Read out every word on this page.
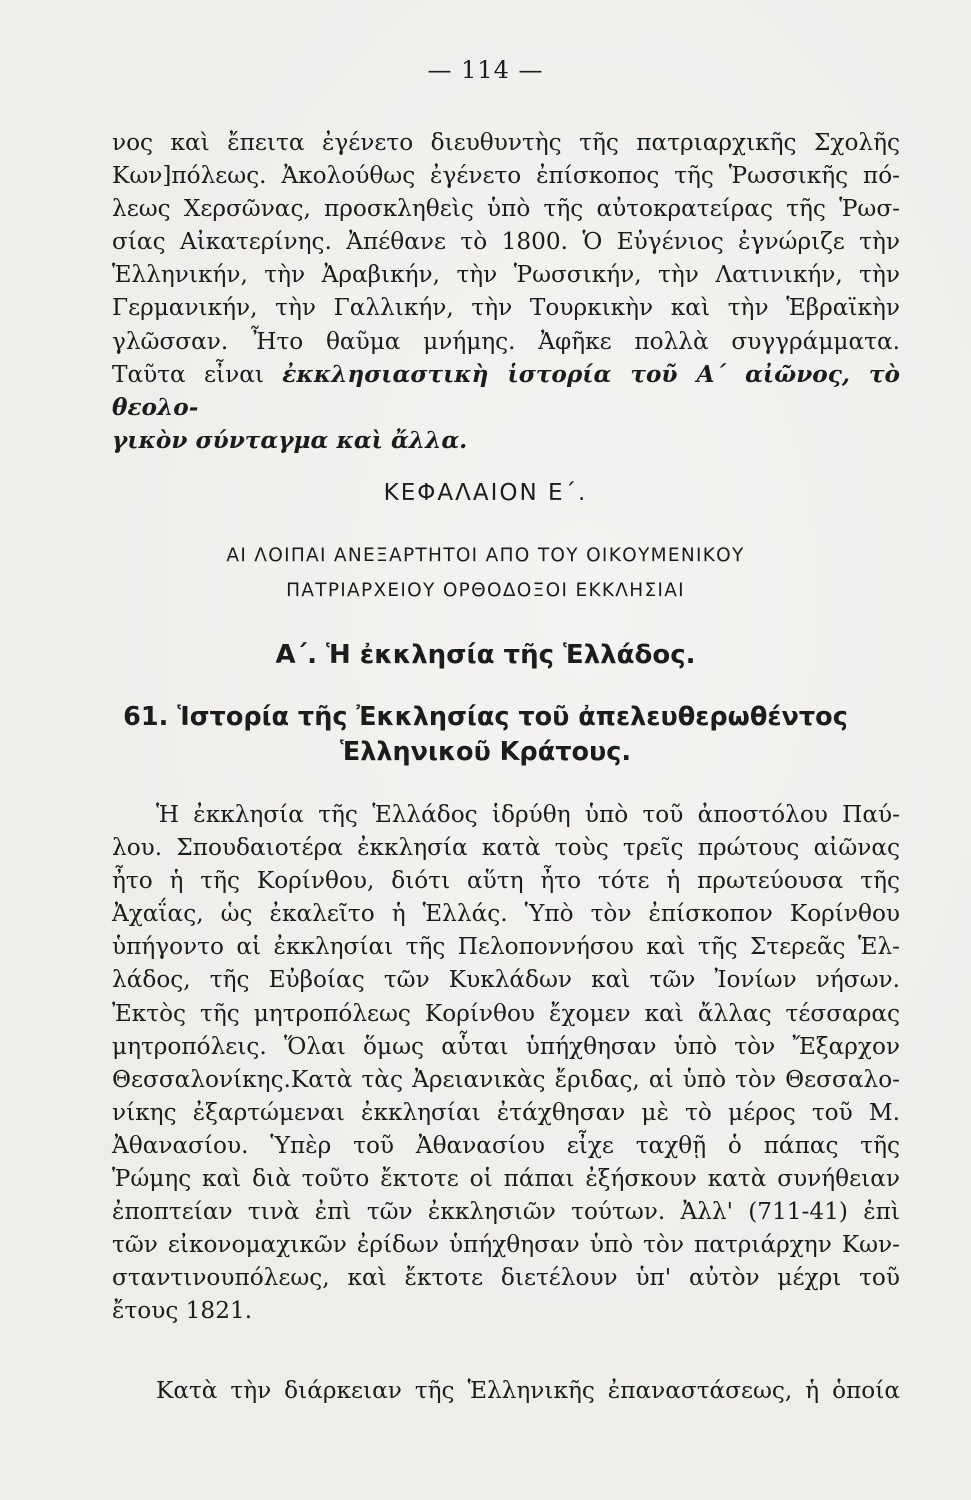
— 114 —
νος καὶ ἔπειτα ἐγένετο διευθυντὴς τῆς πατριαρχικῆς Σχολῆς
Κων]πόλεως. Ἀκολούθως ἐγένετο ἐπίσκοπος τῆς Ῥωσσικῆς πό-
λεως Χερσῶνας, προσκληθεὶς ὑπὸ τῆς αὐτοκρατείρας τῆς Ῥωσ-
σίας Αἰκατερίνης. Ἀπέθανε τὸ 1800. Ὁ Εὐγένιος ἐγνώριζε τὴν
Ἑλληνικήν, τὴν Ἀραβικήν, τὴν Ῥωσσικήν, τὴν Λατινικήν, τὴν
Γερμανικήν, τὴν Γαλλικήν, τὴν Τουρκικὴν καὶ τὴν Ἑβραϊκὴν
γλῶσσαν. Ἦτο θαῦμα μνήμης. Ἀφῆκε πολλὰ συγγράμματα.
Ταῦτα εἶναι ἐκκλησιαστικὴ ἱστορία τοῦ Α΄ αἰῶνος, τὸ θεολο-
γικὸν σύνταγμα καὶ ἄλλα.
ΚΕΦΑΛΑΙΟΝ Ε΄.
ΑΙ ΛΟΙΠΑΙ ΑΝΕΞΑΡΤΗΤΟΙ ΑΠΟ ΤΟΥ ΟΙΚΟΥΜΕΝΙΚΟΥ
ΠΑΤΡΙΑΡΧΕΙΟΥ ΟΡΘΟΔΟΞΟΙ ΕΚΚΛΗΣΙΑΙ
Α΄. Ἡ ἐκκλησία τῆς Ἑλλάδος.
61. Ἱστορία τῆς Ἐκκλησίας τοῦ ἀπελευθερωθέντος
Ἑλληνικοῦ Κράτους.
Ἡ ἐκκλησία τῆς Ἑλλάδος ἱδρύθη ὑπὸ τοῦ ἀποστόλου Παύ-
λου. Σπουδαιοτέρα ἐκκλησία κατὰ τοὺς τρεῖς πρώτους αἰῶνας
ἦτο ἡ τῆς Κορίνθου, διότι αὕτη ἦτο τότε ἡ πρωτεύουσα τῆς
Ἀχαΐας, ὡς ἐκαλεῖτο ἡ Ἑλλάς. Ὑπὸ τὸν ἐπίσκοπον Κορίνθου
ὑπήγοντο αἱ ἐκκλησίαι τῆς Πελοποννήσου καὶ τῆς Στερεᾶς Ἑλ-
λάδος, τῆς Εὐβοίας τῶν Κυκλάδων καὶ τῶν Ἰονίων νήσων.
Ἐκτὸς τῆς μητροπόλεως Κορίνθου ἔχομεν καὶ ἄλλας τέσσαρας
μητροπόλεις. Ὅλαι ὅμως αὗται ὑπήχθησαν ὑπὸ τὸν Ἔξαρχον
Θεσσαλονίκης.Κατὰ τὰς Ἀρειανικὰς ἔριδας, αἱ ὑπὸ τὸν Θεσσαλο-
νίκης ἐξαρτώμεναι ἐκκλησίαι ἐτάχθησαν μὲ τὸ μέρος τοῦ Μ.
Ἀθανασίου. Ὑπὲρ τοῦ Ἀθανασίου εἶχε ταχθῇ ὁ πάπας τῆς
Ῥώμης καὶ διὰ τοῦτο ἔκτοτε οἱ πάπαι ἐξήσκουν κατὰ συνήθειαν
ἐποπτείαν τινὰ ἐπὶ τῶν ἐκκλησιῶν τούτων. Ἀλλ' (711-41) ἐπὶ
τῶν εἰκονομαχικῶν ἐρίδων ὑπήχθησαν ὑπὸ τὸν πατριάρχην Κων-
σταντινουπόλεως, καὶ ἔκτοτε διετέλουν ὑπ' αὐτὸν μέχρι τοῦ
ἔτους 1821.
Κατὰ τὴν διάρκειαν τῆς Ἑλληνικῆς ἐπαναστάσεως, ἡ ὁποία
